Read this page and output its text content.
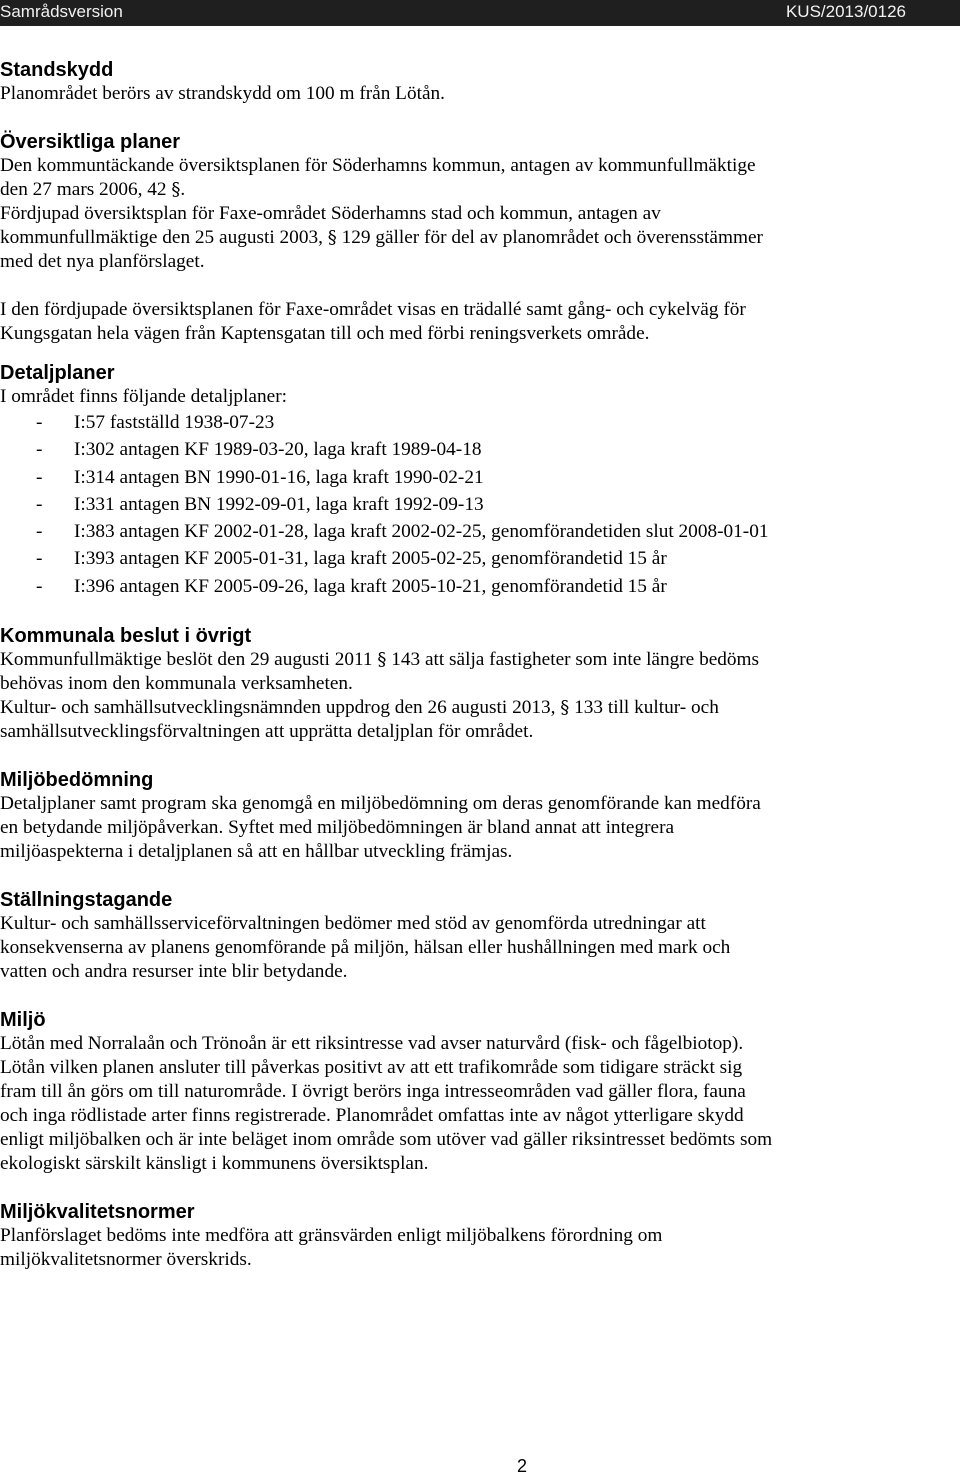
Samrådsversion	KUS/2013/0126
Standskydd
Planområdet berörs av strandskydd om 100 m från Lötån.
Översiktliga planer
Den kommuntäckande översiktsplanen för Söderhamns kommun, antagen av kommunfullmäktige
den 27 mars 2006, 42 §.
Fördjupad översiktsplan för Faxe-området Söderhamns stad och kommun, antagen av
kommunfullmäktige den 25 augusti 2003, § 129 gäller för del av planområdet och överensstämmer
med det nya planförslaget.
I den fördjupade översiktsplanen för Faxe-området visas en trädallé samt gång- och cykelväg för
Kungsgatan hela vägen från Kaptensgatan till och med förbi reningsverkets område.
Detaljplaner
I området finns följande detaljplaner:
- I:57 fastställd 1938-07-23
- I:302 antagen KF 1989-03-20, laga kraft 1989-04-18
- I:314 antagen BN 1990-01-16, laga kraft 1990-02-21
- I:331 antagen BN 1992-09-01, laga kraft 1992-09-13
- I:383 antagen KF 2002-01-28, laga kraft 2002-02-25, genomförandetiden slut 2008-01-01
- I:393 antagen KF 2005-01-31, laga kraft 2005-02-25, genomförandetid 15 år
- I:396 antagen KF 2005-09-26, laga kraft 2005-10-21, genomförandetid 15 år
Kommunala beslut i övrigt
Kommunfullmäktige beslöt den 29 augusti 2011 § 143 att sälja fastigheter som inte längre bedöms
behövas inom den kommunala verksamheten.
Kultur- och samhällsutvecklingsnämnden uppdrog den 26 augusti 2013, § 133 till kultur- och
samhällsutvecklingsförvaltningen att upprätta detaljplan för området.
Miljöbedömning
Detaljplaner samt program ska genomgå en miljöbedömning om deras genomförande kan medföra
en betydande miljöpåverkan. Syftet med miljöbedömningen är bland annat att integrera
miljöaspekterna i detaljplanen så att en hållbar utveckling främjas.
Ställningstagande
Kultur- och samhällsserviceförvaltningen bedömer med stöd av genomförda utredningar att
konsekvenserna av planens genomförande på miljön, hälsan eller hushållningen med mark och
vatten och andra resurser inte blir betydande.
Miljö
Lötån med Norralaån och Trönoån är ett riksintresse vad avser naturvård (fisk- och fågelbiotop).
Lötån vilken planen ansluter till påverkas positivt av att ett trafikområde som tidigare sträckt sig
fram till ån görs om till naturområde. I övrigt berörs inga intresseområden vad gäller flora, fauna
och inga rödlistade arter finns registrerade. Planområdet omfattas inte av något ytterligare skydd
enligt miljöbalken och är inte beläget inom område som utöver vad gäller riksintresset bedömts som
ekologiskt särskilt känsligt i kommunens översiktsplan.
Miljökvalitetsnormer
Planförslaget bedöms inte medföra att gränsvärden enligt miljöbalkens förordning om
miljökvalitetsnormer överskrids.
2
